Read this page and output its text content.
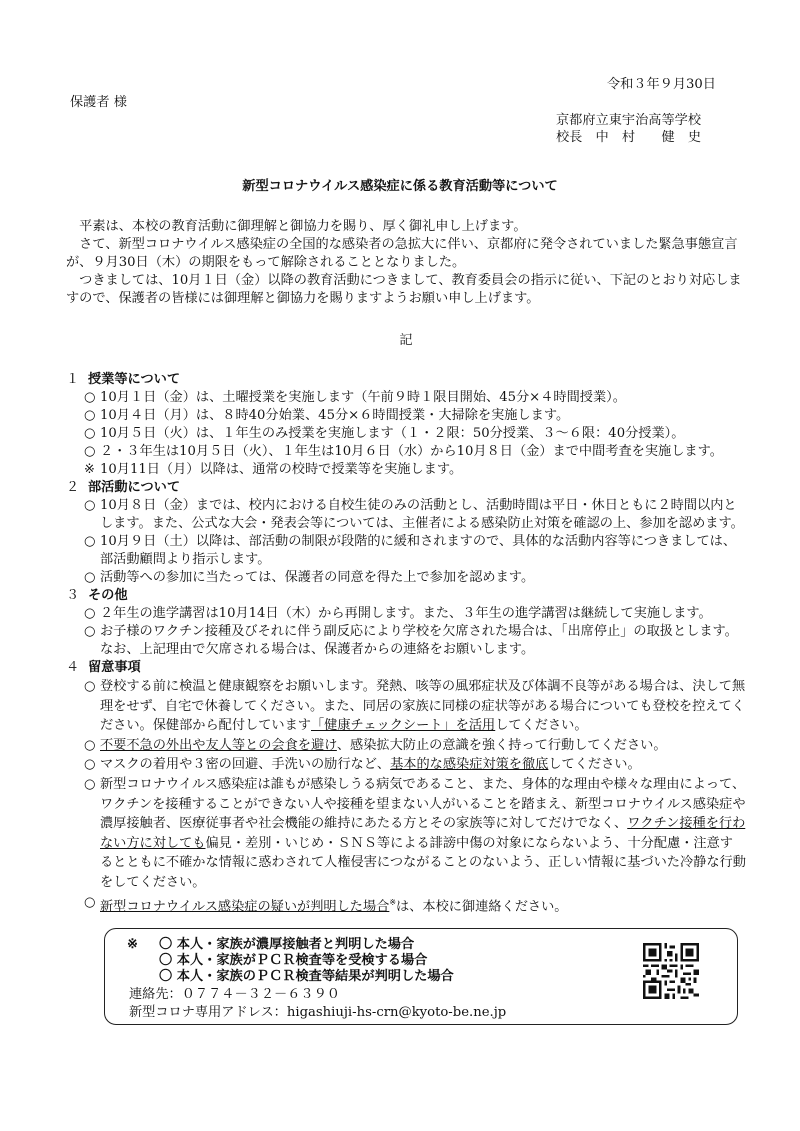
令和３年９月30日
保護者 様
京都府立東宇治高等学校
校長　中　村　　健　史
新型コロナウイルス感染症に係る教育活動等について

　平素は、本校の教育活動に御理解と御協力を賜り、厚く御礼申し上げます。

　さて、新型コロナウイルス感染症の全国的な感染者の急拡大に伴い、京都府に発令されていました緊急事態宣言が、９月30日（木）の期限をもって解除されることとなりました。

　つきましては、10月１日（金）以降の教育活動につきまして、教育委員会の指示に従い、下記のとおり対応しますので、保護者の皆様には御理解と御協力を賜りますようお願い申し上げます。

記
１ 授業等について
○ 10月１日（金）は、土曜授業を実施します（午前９時１限目開始、45分×４時間授業）。
○ 10月４日（月）は、８時40分始業、45分×６時間授業・大掃除を実施します。
○ 10月５日（火）は、１年生のみ授業を実施します（１・２限：50分授業、３～６限：40分授業）。
○ ２・３年生は10月５日（火）、１年生は10月６日（水）から10月８日（金）まで中間考査を実施します。
※ 10月11日（月）以降は、通常の校時で授業等を実施します。
２ 部活動について
○ 10月８日（金）までは、校内における自校生徒のみの活動とし、活動時間は平日・休日ともに２時間以内とします。また、公式な大会・発表会等については、主催者による感染防止対策を確認の上、参加を認めます。
○ 10月９日（土）以降は、部活動の制限が段階的に緩和されますので、具体的な活動内容等につきましては、部活動顧問より指示します。
○ 活動等への参加に当たっては、保護者の同意を得た上で参加を認めます。
３ その他
○ ２年生の進学講習は10月14日（木）から再開します。また、３年生の進学講習は継続して実施します。
○ お子様のワクチン接種及びそれに伴う副反応により学校を欠席された場合は、「出席停止」の取扱とします。なお、上記理由で欠席される場合は、保護者からの連絡をお願いします。
４ 留意事項
○ 登校する前に検温と健康観察をお願いします。発熱、咳等の風邪症状及び体調不良等がある場合は、決して無理をせず、自宅で休養してください。また、同居の家族に同様の症状等がある場合についても登校を控えてください。保健部から配付しています「健康チェックシート」を活用してください。
○ 不要不急の外出や友人等との会食を避け、感染拡大防止の意識を強く持って行動してください。
○ マスクの着用や３密の回避、手洗いの励行など、基本的な感染症対策を徹底してください。
○ 新型コロナウイルス感染症は誰もが感染しうる病気であること、また、身体的な理由や様々な理由によって、ワクチンを接種することができない人や接種を望まない人がいることを踏まえ、新型コロナウイルス感染症や濃厚接触者、医療従事者や社会機能の維持にあたる方とその家族等に対してだけでなく、ワクチン接種を行わない方に対しても偏見・差別・いじめ・ＳＮＳ等による誹謗中傷の対象にならないよう、十分配慮・注意するとともに不確かな情報に惑わされて人権侵害につながることのないよう、正しい情報に基づいた冷静な行動をしてください。
○ 新型コロナウイルス感染症の疑いが判明した場合※は、本校に御連絡ください。
※ 〇 本人・家族が濃厚接触者と判明した場合
〇 本人・家族がＰＣＲ検査等を受検する場合
〇 本人・家族のＰＣＲ検査等結果が判明した場合
連絡先：０７７４－３２－６３９０
新型コロナ専用アドレス：higashiuji-hs-crn@kyoto-be.ne.jp
